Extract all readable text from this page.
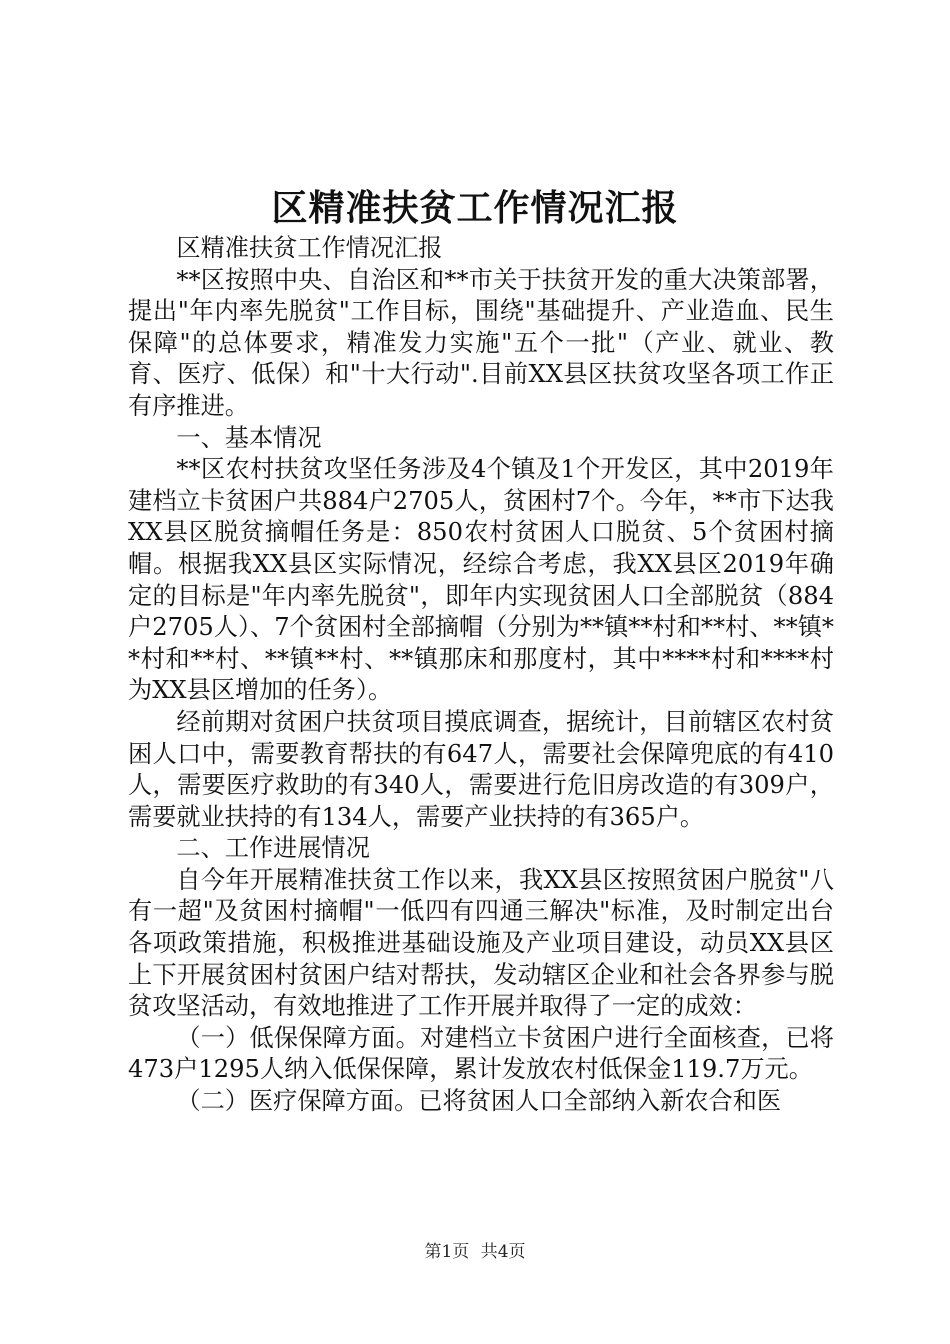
区精准扶贫工作情况汇报

区精准扶贫工作情况汇报

**区按照中央、自治区和**市关于扶贫开发的重大决策部署，提出"年内率先脱贫"工作目标，围绕"基础提升、产业造血、民生保障"的总体要求，精准发力实施"五个一批"（产业、就业、教育、医疗、低保）和"十大行动".目前XX县区扶贫攻坚各项工作正有序推进。

一、基本情况

**区农村扶贫攻坚任务涉及4个镇及1个开发区，其中2019年建档立卡贫困户共884户2705人，贫困村7个。今年，**市下达我XX县区脱贫摘帽任务是：850农村贫困人口脱贫、5个贫困村摘帽。根据我XX县区实际情况，经综合考虑，我XX县区2019年确定的目标是"年内率先脱贫"，即年内实现贫困人口全部脱贫（884户2705人）、7个贫困村全部摘帽（分别为**镇**村和**村、**镇**村和**村、**镇**村、**镇那床和那度村，其中****村和****村为XX县区增加的任务）。

经前期对贫困户扶贫项目摸底调查，据统计，目前辖区农村贫困人口中，需要教育帮扶的有647人，需要社会保障兜底的有410人，需要医疗救助的有340人，需要进行危旧房改造的有309户，需要就业扶持的有134人，需要产业扶持的有365户。

二、工作进展情况

自今年开展精准扶贫工作以来，我XX县区按照贫困户脱贫"八有一超"及贫困村摘帽"一低四有四通三解决"标准，及时制定出台各项政策措施，积极推进基础设施及产业项目建设，动员XX县区上下开展贫困村贫困户结对帮扶，发动辖区企业和社会各界参与脱贫攻坚活动，有效地推进了工作开展并取得了一定的成效：

（一）低保保障方面。对建档立卡贫困户进行全面核查，已将473户1295人纳入低保保障，累计发放农村低保金119.7万元。

（二）医疗保障方面。已将贫困人口全部纳入新农合和医

第1页 共4页
